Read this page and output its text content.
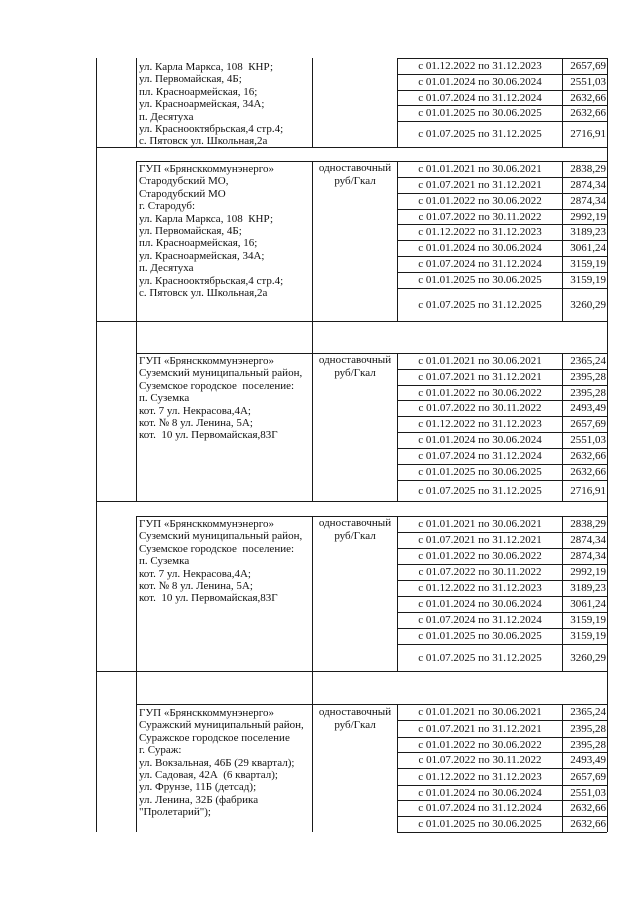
ул. Карла Маркса, 108  КНР;
ул. Первомайская, 4Б;
пл. Красноармейская, 16;
ул. Красноармейская, 34А;
п. Десятуха
ул. Краснооктябрьская,4 стр.4;
с. Пятовск ул. Школьная,2а
с 01.12.2022 по 31.12.2023	2657,69
с 01.01.2024 по 30.06.2024	2551,03
с 01.07.2024 по 31.12.2024	2632,66
с 01.01.2025 по 30.06.2025	2632,66
с 01.07.2025 по 31.12.2025	2716,91
ГУП «Брянсккоммунэнерго»
Стародубский МО,
Стародубский МО
г. Стародуб:
ул. Карла Маркса, 108  КНР;
ул. Первомайская, 4Б;
пл. Красноармейская, 16;
ул. Красноармейская, 34А;
п. Десятуха
ул. Краснооктябрьская,4 стр.4;
с. Пятовск ул. Школьная,2а
одноставочный
руб/Гкал
с 01.01.2021 по 30.06.2021	2838,29
с 01.07.2021 по 31.12.2021	2874,34
с 01.01.2022 по 30.06.2022	2874,34
с 01.07.2022 по 30.11.2022	2992,19
с 01.12.2022 по 31.12.2023	3189,23
с 01.01.2024 по 30.06.2024	3061,24
с 01.07.2024 по 31.12.2024	3159,19
с 01.01.2025 по 30.06.2025	3159,19
с 01.07.2025 по 31.12.2025	3260,29
ГУП «Брянсккоммунэнерго»
Суземский муниципальный район,
Суземское городское  поселение:
п. Суземка
кот. 7 ул. Некрасова,4А;
кот. № 8 ул. Ленина, 5А;
кот.  10 ул. Первомайская,83Г
одноставочный
руб/Гкал
с 01.01.2021 по 30.06.2021	2365,24
с 01.07.2021 по 31.12.2021	2395,28
с 01.01.2022 по 30.06.2022	2395,28
с 01.07.2022 по 30.11.2022	2493,49
с 01.12.2022 по 31.12.2023	2657,69
с 01.01.2024 по 30.06.2024	2551,03
с 01.07.2024 по 31.12.2024	2632,66
с 01.01.2025 по 30.06.2025	2632,66
с 01.07.2025 по 31.12.2025	2716,91
ГУП «Брянсккоммунэнерго»
Суземский муниципальный район,
Суземское городское  поселение:
п. Суземка
кот. 7 ул. Некрасова,4А;
кот. № 8 ул. Ленина, 5А;
кот.  10 ул. Первомайская,83Г
одноставочный
руб/Гкал
с 01.01.2021 по 30.06.2021	2838,29
с 01.07.2021 по 31.12.2021	2874,34
с 01.01.2022 по 30.06.2022	2874,34
с 01.07.2022 по 30.11.2022	2992,19
с 01.12.2022 по 31.12.2023	3189,23
с 01.01.2024 по 30.06.2024	3061,24
с 01.07.2024 по 31.12.2024	3159,19
с 01.01.2025 по 30.06.2025	3159,19
с 01.07.2025 по 31.12.2025	3260,29
ГУП «Брянсккоммунэнерго»
Суражский муниципальный район,
Суражское городское поселение
г. Сураж:
ул. Вокзальная, 46Б (29 квартал);
ул. Садовая, 42А  (6 квартал);
ул. Фрунзе, 11Б (детсад);
ул. Ленина, 32Б (фабрика
"Пролетарий");
одноставочный
руб/Гкал
с 01.01.2021 по 30.06.2021	2365,24
с 01.07.2021 по 31.12.2021	2395,28
с 01.01.2022 по 30.06.2022	2395,28
с 01.07.2022 по 30.11.2022	2493,49
с 01.12.2022 по 31.12.2023	2657,69
с 01.01.2024 по 30.06.2024	2551,03
с 01.07.2024 по 31.12.2024	2632,66
с 01.01.2025 по 30.06.2025	2632,66
